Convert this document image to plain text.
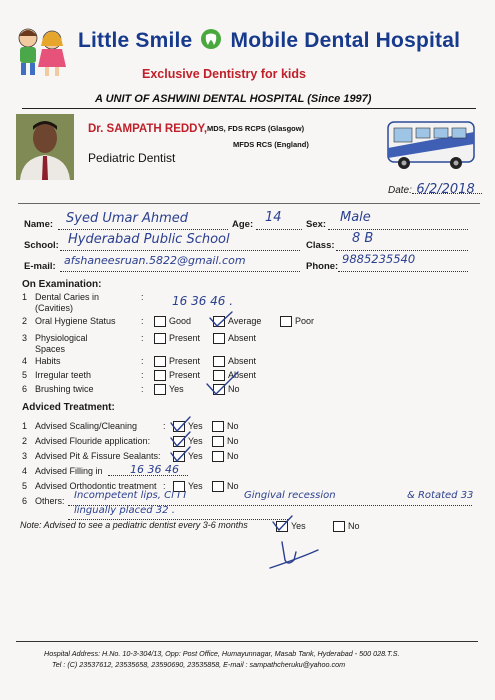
Little Smile Mobile Dental Hospital
Exclusive Dentistry for kids
A UNIT OF ASHWINI DENTAL HOSPITAL (Since 1997)
Dr. SAMPATH REDDY, MDS, FDS RCPS (Glasgow)
MFDS RCS (England)
Pediatric Dentist
Date: 6/2/2018
Name: Syed Umar Ahmed	Age: 14	Sex: Male
School: Hyderabad Public School	Class: 8 B
E-mail: afshaneesruan.5822@gmail.com	Phone:
9885235540
On Examination:
1 Dental Caries in
(Cavities)
: 16 36 46 .
2 Oral Hygiene Status	:	Good	Average	Poor
3 Physiological
Spaces
:	Present	Absent
4 Habits	:	Present	Absent
5 Irregular teeth	:	Present	Absent
6 Brushing twice	:	Yes	No
Adviced Treatment:
1 Advised Scaling/Cleaning	: Yes	No
2 Advised Flouride application:	Yes	No
3 Advised Pit & Fissure Sealants:	Yes	No
4 Advised Filling in 16 36 46
5 Advised Orthodontic treatment : Yes	No
6 Others: Incompetent lips, Cl I I	Gingival recession	& Rotated 33
lingually placed 32 .
Note: Advised to see a pediatric dentist every 3-6 months	Yes	No
Hospital Address: H.No. 10-3-304/13, Opp: Post Office, Humayunnagar, Masab Tank, Hyderabad - 500 028.T.S.
Tel : (C) 23537612, 23535658, 23590690, 23535858, E-mail : sampathcheruku@yahoo.com
